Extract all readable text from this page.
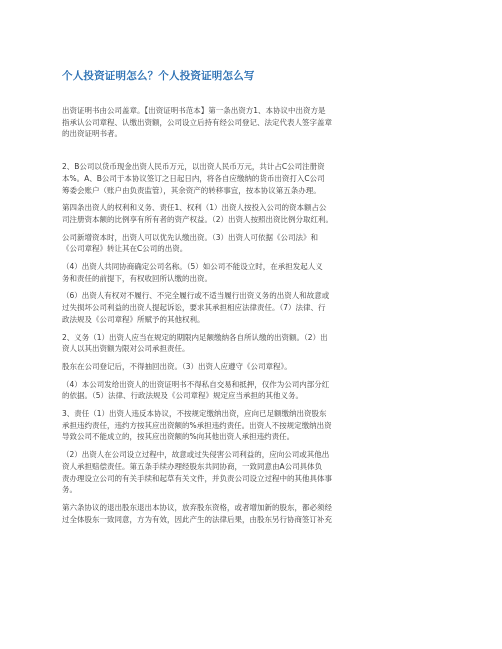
个人投资证明怎么？个人投资证明怎么写
出资证明书由公司盖章。【出资证明书范本】第一条出资方1、本协议中出资方是
指承认公司章程、认缴出资额，公司设立后持有经公司登记、法定代表人签字盖章
的出资证明书者。
2、B公司以货币现金出资人民币万元，以出资人民币万元，共计占C公司注册资
本%。A、B公司于本协议签订之日起日内，将各自应缴纳的货币出资打入C公司
筹委会账户（账户由负责监管），其余资产的转移事宜，按本协议第五条办理。
第四条出资人的权利和义务、责任1、权利（1）出资人按投入公司的资本额占公
司注册资本额的比例享有所有者的资产权益。（2）出资人按照出资比例分取红利。
公司新增资本时，出资人可以优先认缴出资。（3）出资人可依据《公司法》和
《公司章程》转让其在C公司的出资。
（4）出资人共同协商确定公司名称。（5）如公司不能设立时，在承担发起人义
务和责任的前提下，有权收回所认缴的出资。
（6）出资人有权对不履行、不完全履行或不适当履行出资义务的出资人和故意或
过失损坏公司利益的出资人提起诉讼，要求其承担相应法律责任。（7）法律、行
政法规及《公司章程》所赋予的其他权利。
2、义务（1）出资人应当在规定的期限内足额缴纳各自所认缴的出资额。（2）出
资人以其出资额为限对公司承担责任。
股东在公司登记后，不得抽回出资。（3）出资人应遵守《公司章程》。
（4）本公司发给出资人的出资证明书不得私自交易和抵押，仅作为公司内部分红
的依据。（5）法律、行政法规及《公司章程》规定应当承担的其他义务。
3、责任（1）出资人违反本协议，不按规定缴纳出资，应向已足额缴纳出资股东
承担违约责任，违约方按其应出资额的%承担违约责任。出资人不按规定缴纳出资
导致公司不能成立的，按其应出资额的%向其他出资人承担违约责任。
（2）出资人在公司设立过程中，故意或过失侵害公司利益的，应向公司或其他出
资人承担赔偿责任。第五条手续办理经股东共同协商，一致同意由A公司具体负
责办理设立公司的有关手续和起草有关文件，并负责公司设立过程中的其他具体事
务。
第六条协议的退出股东退出本协议，放弃股东资格，或者增加新的股东，都必须经
过全体股东一致同意，方为有效，因此产生的法律后果，由股东另行协商签订补充
